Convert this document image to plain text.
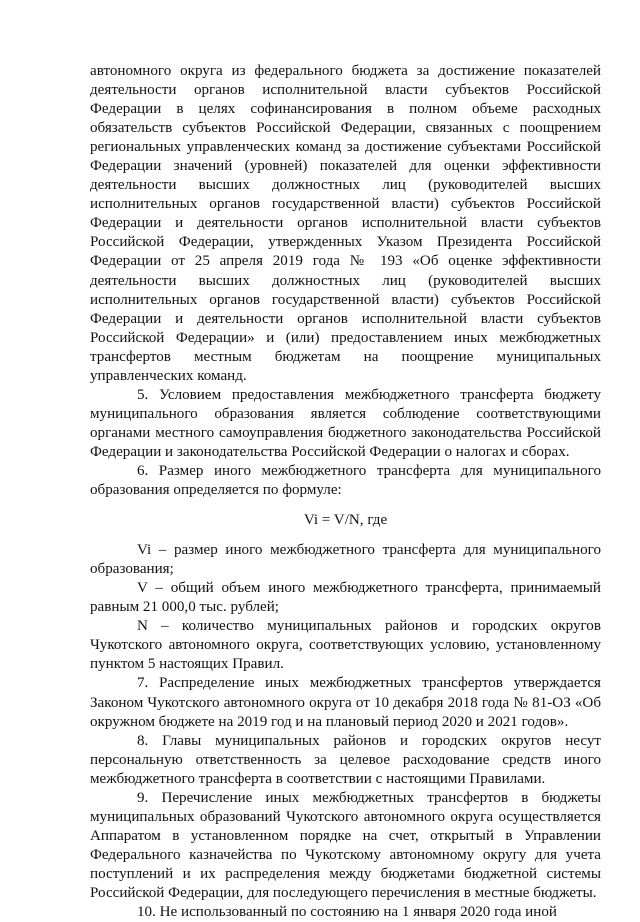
автономного округа из федерального бюджета за достижение показателей деятельности органов исполнительной власти субъектов Российской Федерации в целях софинансирования в полном объеме расходных обязательств субъектов Российской Федерации, связанных с поощрением региональных управленческих команд за достижение субъектами Российской Федерации значений (уровней) показателей для оценки эффективности деятельности высших должностных лиц (руководителей высших исполнительных органов государственной власти) субъектов Российской Федерации и деятельности органов исполнительной власти субъектов Российской Федерации, утвержденных Указом Президента Российской Федерации от 25 апреля 2019 года № 193 «Об оценке эффективности деятельности высших должностных лиц (руководителей высших исполнительных органов государственной власти) субъектов Российской Федерации и деятельности органов исполнительной власти субъектов Российской Федерации» и (или) предоставлением иных межбюджетных трансфертов местным бюджетам на поощрение муниципальных управленческих команд.

5. Условием предоставления межбюджетного трансферта бюджету муниципального образования является соблюдение соответствующими органами местного самоуправления бюджетного законодательства Российской Федерации и законодательства Российской Федерации о налогах и сборах.

6. Размер иного межбюджетного трансферта для муниципального образования определяется по формуле:

Vi = V/N, где

Vi – размер иного межбюджетного трансферта для муниципального образования;

V – общий объем иного межбюджетного трансферта, принимаемый равным 21 000,0 тыс. рублей;

N – количество муниципальных районов и городских округов Чукотского автономного округа, соответствующих условию, установленному пунктом 5 настоящих Правил.

7. Распределение иных межбюджетных трансфертов утверждается Законом Чукотского автономного округа от 10 декабря 2018 года № 81-ОЗ «Об окружном бюджете на 2019 год и на плановый период 2020 и 2021 годов».

8. Главы муниципальных районов и городских округов несут персональную ответственность за целевое расходование средств иного межбюджетного трансферта в соответствии с настоящими Правилами.

9. Перечисление иных межбюджетных трансфертов в бюджеты муниципальных образований Чукотского автономного округа осуществляется Аппаратом в установленном порядке на счет, открытый в Управлении Федерального казначейства по Чукотскому автономному округу для учета поступлений и их распределения между бюджетами бюджетной системы Российской Федерации, для последующего перечисления в местные бюджеты.

10. Не использованный по состоянию на 1 января 2020 года иной
